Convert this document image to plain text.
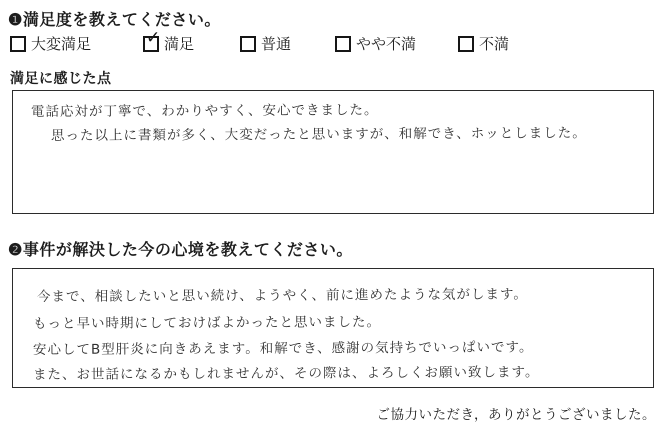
❶満足度を教えてください。
大変満足	✓ 満足	普通	やや不満	不満
満足に感じた点
電話応対が丁寧で、わかりやすく、安心できました。
思った以上に書類が多く、大変だったと思いますが、和解でき、ホッとしました。
❷事件が解決した今の心境を教えてください。
今まで、相談したいと思い続け、ようやく、前に進めたような気がします。
もっと早い時期にしておけばよかったと思いました。
安心してB型肝炎に向きあえます。和解でき、感謝の気持ちでいっぱいです。
また、お世話になるかもしれませんが、その際は、よろしくお願い致します。
ご協力いただき，ありがとうございました。
